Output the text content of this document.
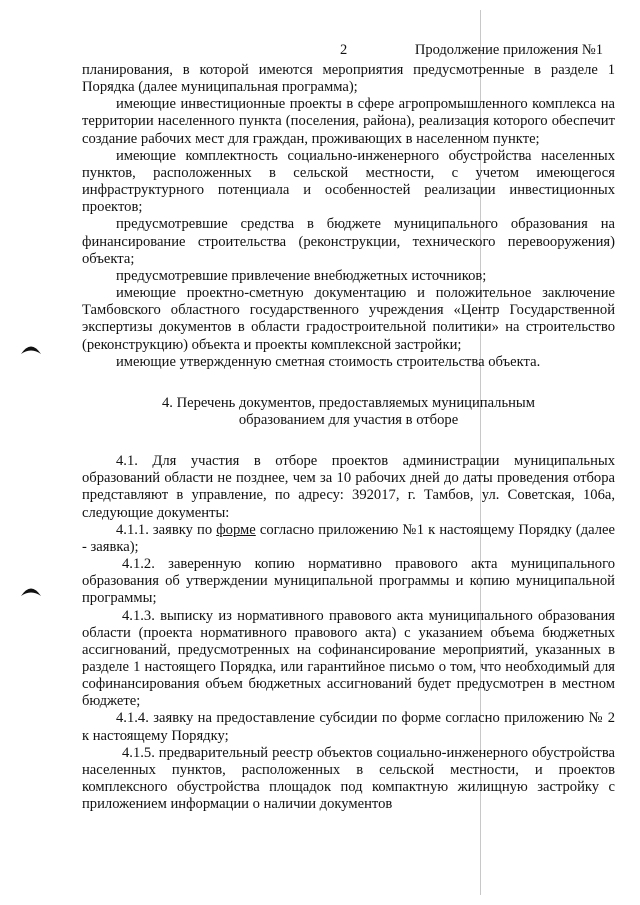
2	Продолжение приложения №1

планирования, в которой имеются мероприятия предусмотренные в разделе 1 Порядка (далее муниципальная программа);

имеющие инвестиционные проекты в сфере агропромышленного комплекса на территории населенного пункта (поселения, района), реализация которого обеспечит создание рабочих мест для граждан, проживающих в населенном пункте;

имеющие комплектность социально-инженерного обустройства населенных пунктов, расположенных в сельской местности, с учетом имеющегося инфраструктурного потенциала и особенностей реализации инвестиционных проектов;

предусмотревшие средства в бюджете муниципального образования на финансирование строительства (реконструкции, технического перевооружения) объекта;

предусмотревшие привлечение внебюджетных источников;

имеющие проектно-сметную документацию и положительное заключение Тамбовского областного государственного учреждения «Центр Государственной экспертизы документов в области градостроительной политики» на строительство (реконструкцию) объекта и проекты комплексной застройки;

имеющие утвержденную сметная стоимость строительства объекта.

4. Перечень документов, предоставляемых муниципальным образованием для участия в отборе

4.1. Для участия в отборе проектов администрации муниципальных образований области не позднее, чем за 10 рабочих дней до даты проведения отбора представляют в управление, по адресу: 392017, г. Тамбов, ул. Советская, 106а, следующие документы:

4.1.1. заявку по форме согласно приложению №1 к настоящему Порядку (далее - заявка);

4.1.2. заверенную копию нормативно правового акта муниципального образования об утверждении муниципальной программы и копию муниципальной программы;

4.1.3. выписку из нормативного правового акта муниципального образования области (проекта нормативного правового акта) с указанием объема бюджетных ассигнований, предусмотренных на софинансирование мероприятий, указанных в разделе 1 настоящего Порядка, или гарантийное письмо о том, что необходимый для софинансирования объем бюджетных ассигнований будет предусмотрен в местном бюджете;

4.1.4. заявку на предоставление субсидии по форме согласно приложению № 2 к настоящему Порядку;

4.1.5. предварительный реестр объектов социально-инженерного обустройства населенных пунктов, расположенных в сельской местности, и проектов комплексного обустройства площадок под компактную жилищную застройку с приложением информации о наличии документов
